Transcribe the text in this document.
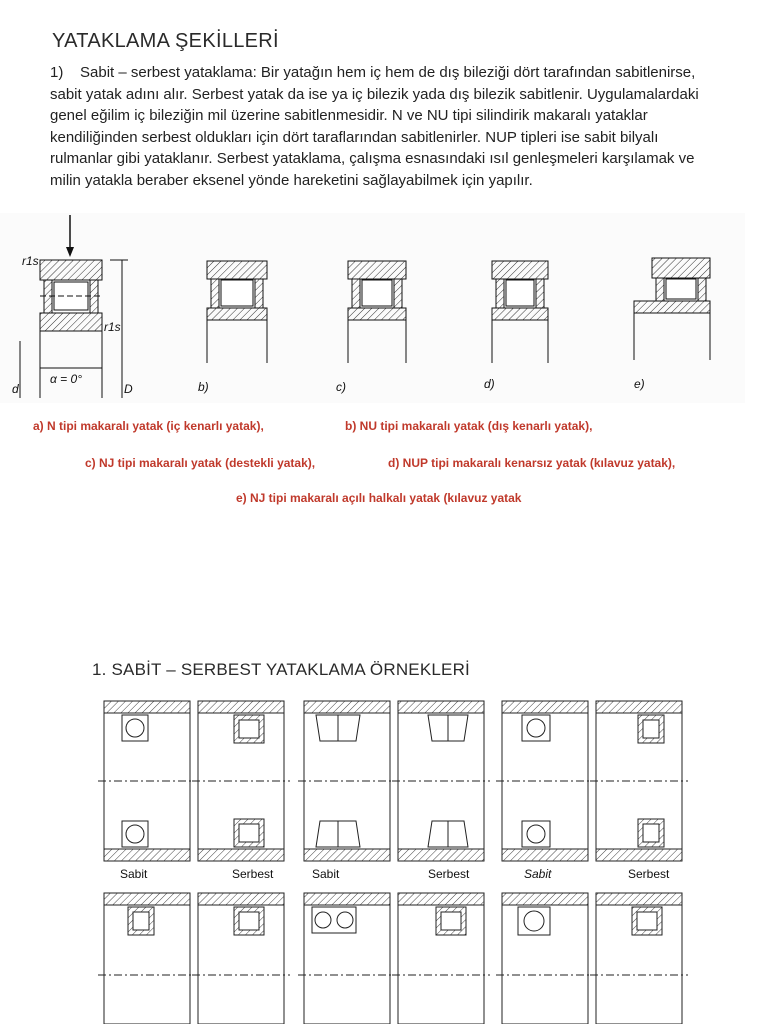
YATAKLAMA ŞEKİLLERİ
1) Sabit – serbest yataklama: Bir yatağın hem iç hem de dış bileziği dört tarafından sabitlenirse, sabit yatak adını alır. Serbest yatak da ise ya iç bilezik yada dış bilezik sabitlenir. Uygulamalardaki genel eğilim iç bileziğin mil üzerine sabitlenmesidir. N ve NU tipi silindirik makaralı yataklar kendiliğinden serbest oldukları için dört taraflarından sabitlenirler. NUP tipleri ise sabit bilyalı rulmanlar gibi yataklanır. Serbest yataklama, çalışma esnasındaki ısıl genleşmeleri karşılamak ve milin yatakla beraber eksenel yönde hareketini sağlayabilmek için yapılır.
r1s
r1s
α = 0°
d	D	b)	c)	d)	e)
a) N tipi makaralı yatak (iç kenarlı yatak),	b) NU tipi makaralı yatak (dış kenarlı yatak),
c) NJ tipi makaralı yatak (destekli yatak),	d) NUP tipi makaralı kenarsız yatak (kılavuz yatak),
e) NJ tipi makaralı açılı halkalı yatak (kılavuz yatak
1. SABİT – SERBEST YATAKLAMA ÖRNEKLERİ
Sabit	Serbest	Sabit	Serbest	Sabit	Serbest
